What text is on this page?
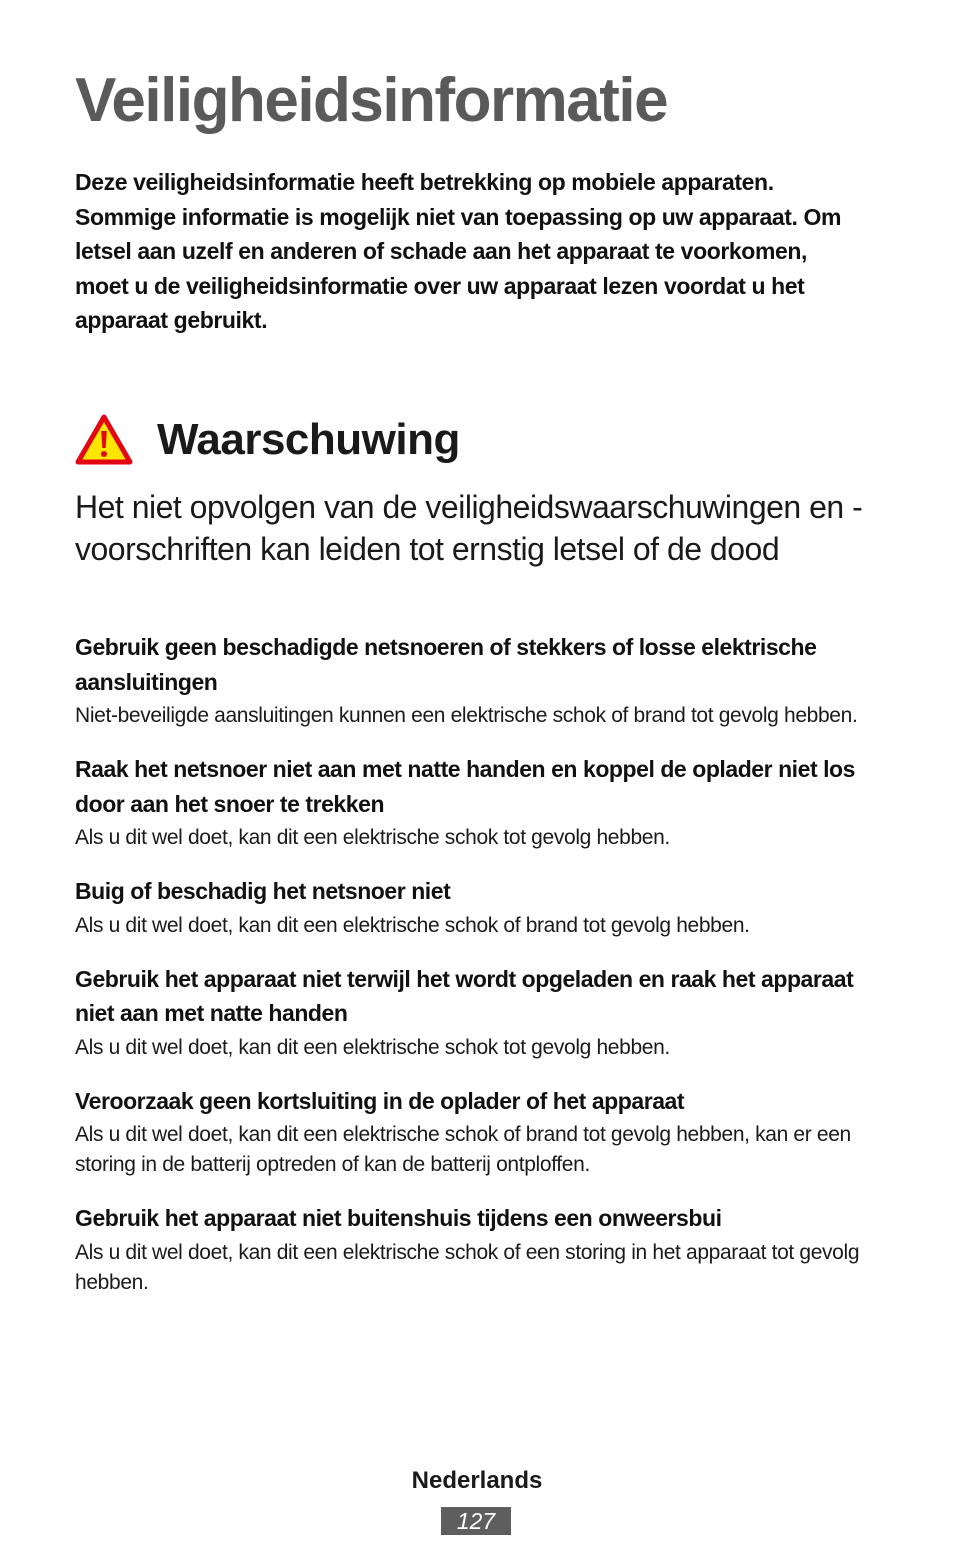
Veiligheidsinformatie

Deze veiligheidsinformatie heeft betrekking op mobiele apparaten. Sommige informatie is mogelijk niet van toepassing op uw apparaat. Om letsel aan uzelf en anderen of schade aan het apparaat te voorkomen, moet u de veiligheidsinformatie over uw apparaat lezen voordat u het apparaat gebruikt.

Waarschuwing
Het niet opvolgen van de veiligheidswaarschuwingen en -voorschriften kan leiden tot ernstig letsel of de dood

Gebruik geen beschadigde netsnoeren of stekkers of losse elektrische aansluitingen

Niet-beveiligde aansluitingen kunnen een elektrische schok of brand tot gevolg hebben.

Raak het netsnoer niet aan met natte handen en koppel de oplader niet los door aan het snoer te trekken

Als u dit wel doet, kan dit een elektrische schok tot gevolg hebben.

Buig of beschadig het netsnoer niet

Als u dit wel doet, kan dit een elektrische schok of brand tot gevolg hebben.

Gebruik het apparaat niet terwijl het wordt opgeladen en raak het apparaat niet aan met natte handen

Als u dit wel doet, kan dit een elektrische schok tot gevolg hebben.

Veroorzaak geen kortsluiting in de oplader of het apparaat

Als u dit wel doet, kan dit een elektrische schok of brand tot gevolg hebben, kan er een storing in de batterij optreden of kan de batterij ontploffen.

Gebruik het apparaat niet buitenshuis tijdens een onweersbui

Als u dit wel doet, kan dit een elektrische schok of een storing in het apparaat tot gevolg hebben.

Nederlands
127
